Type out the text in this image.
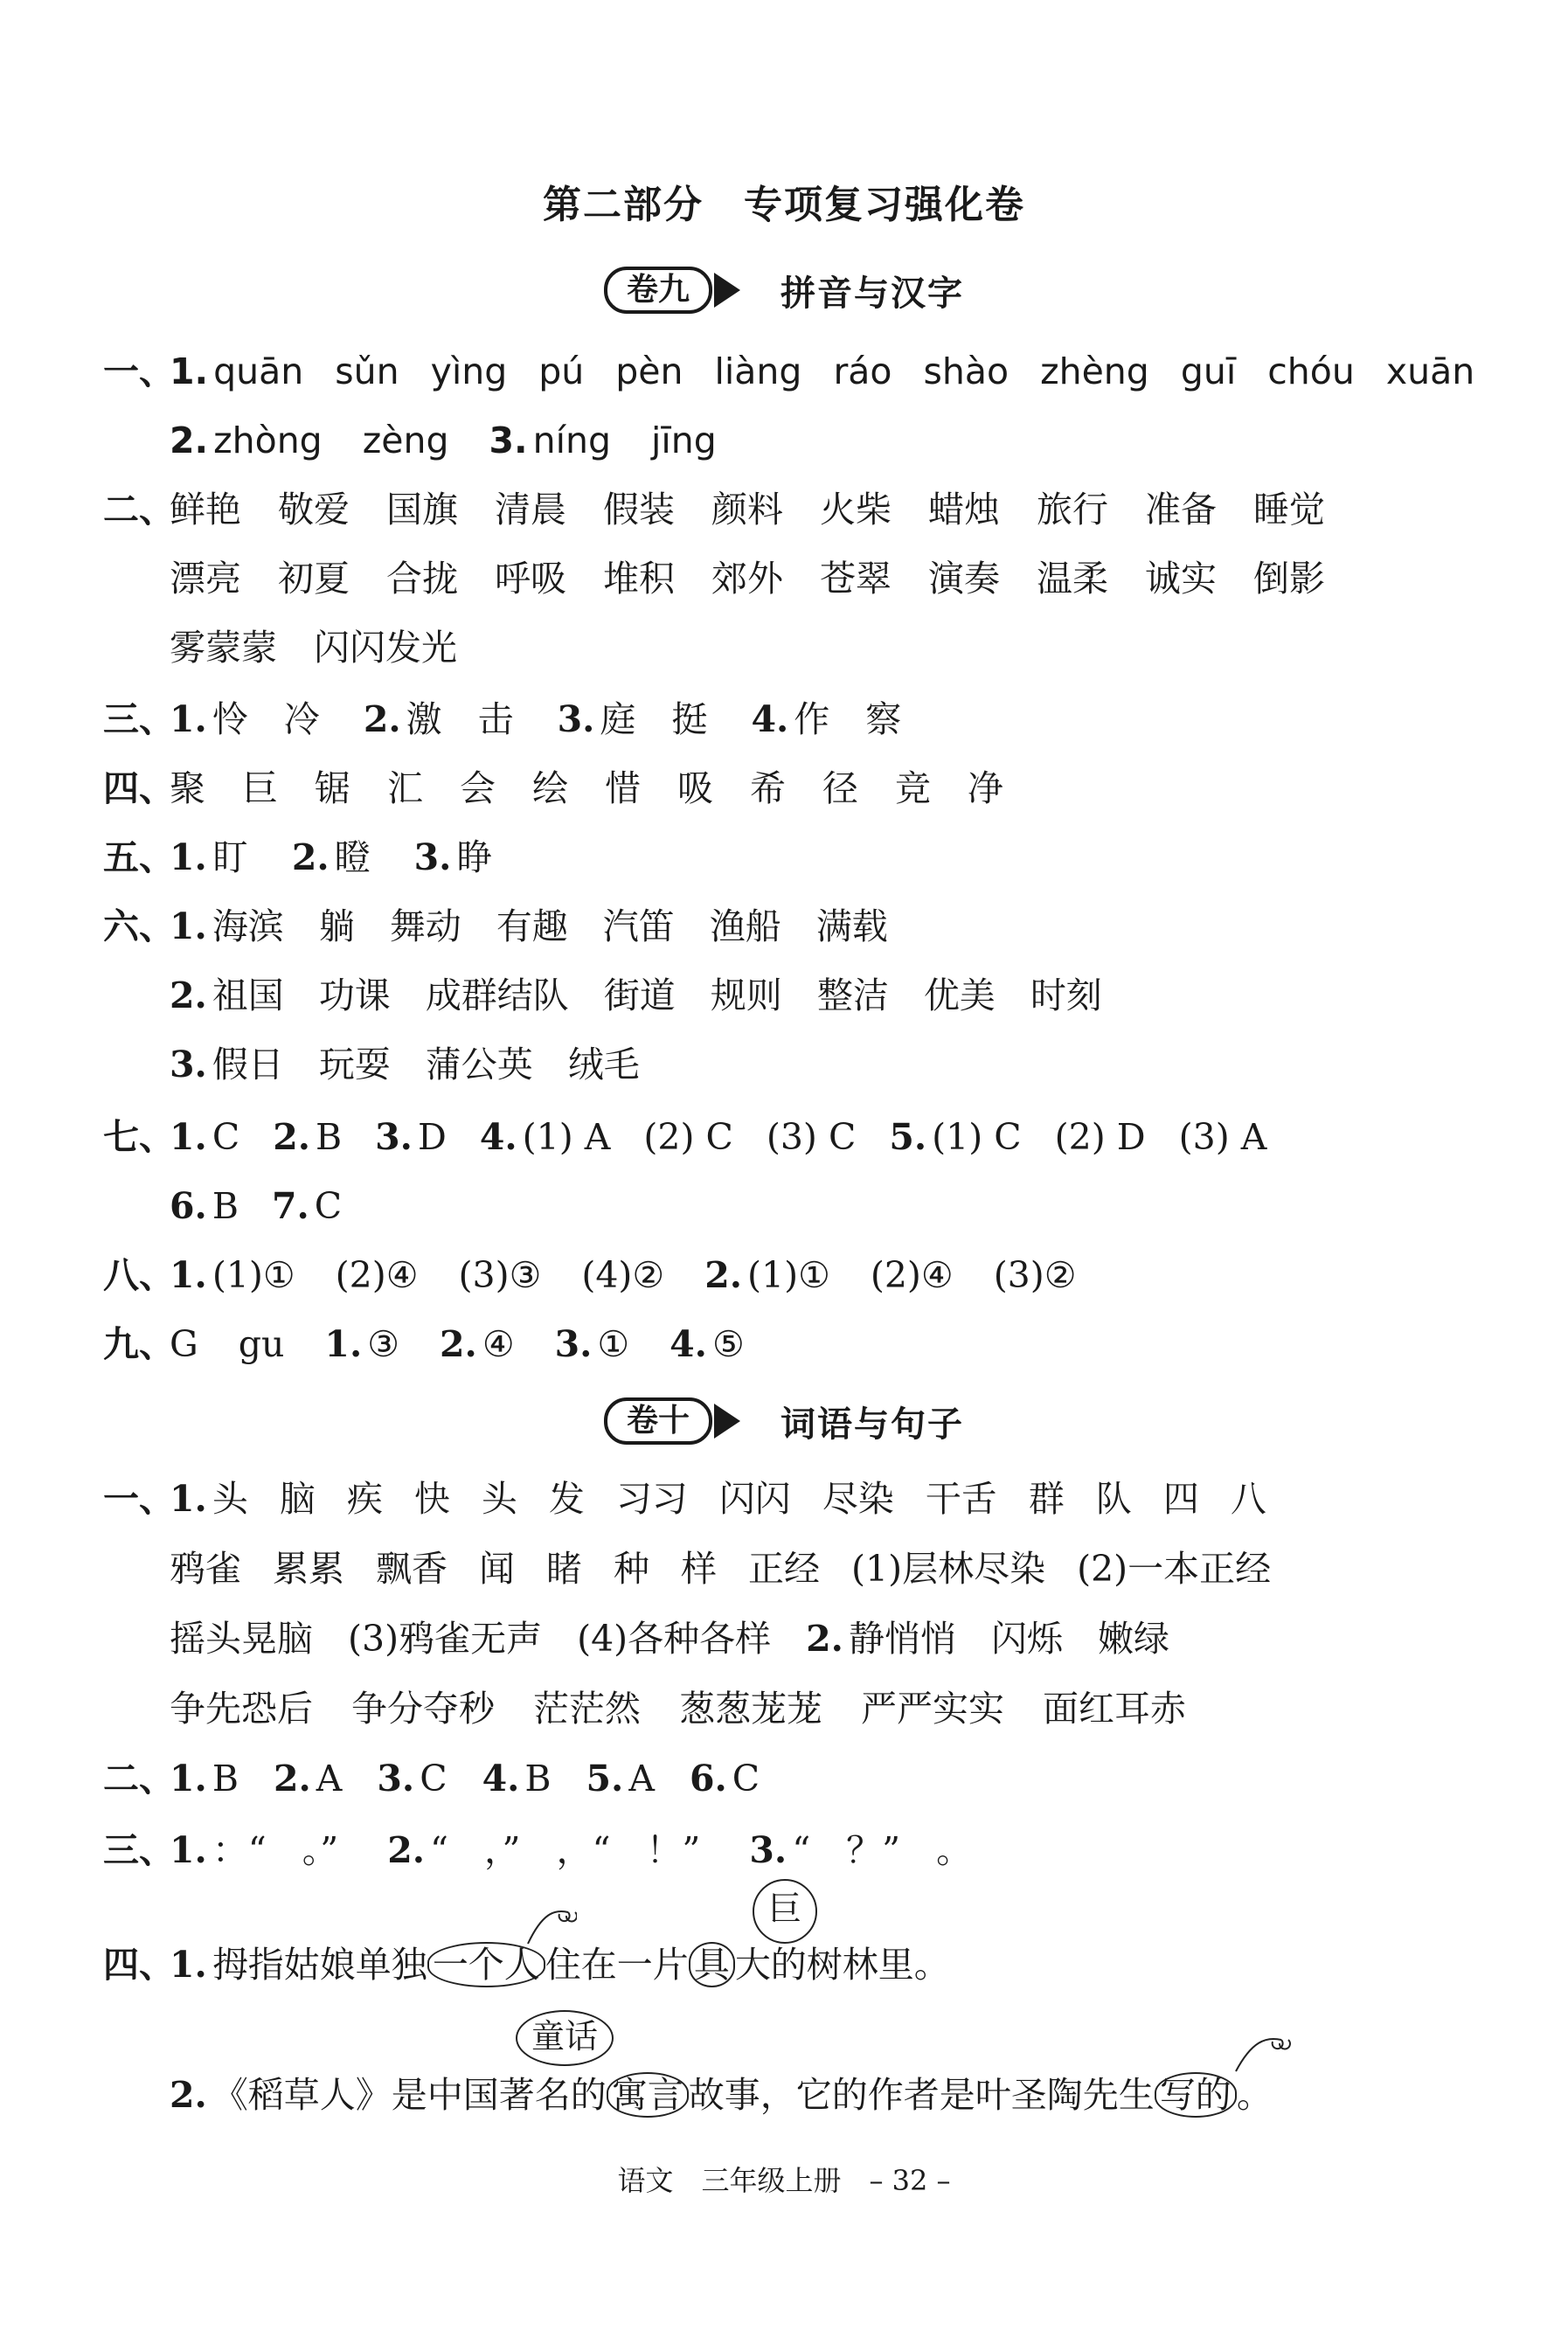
第二部分　专项复习强化卷
卷九	拼音与汉字
一、
1. quān sǔn yìng pú pèn liàng ráo shào zhèng guī chóu xuān
2. zhòng zèng 3. níng jīng
二、
鲜艳 敬爱 国旗 清晨 假装 颜料 火柴 蜡烛 旅行 准备 睡觉
漂亮 初夏 合拢 呼吸 堆积 郊外 苍翠 演奏 温柔 诚实 倒影
雾蒙蒙 闪闪发光
三、
1. 怜　冷 2. 激　击 3. 庭　挺 4. 作　察
四、
聚 巨 锯 汇 会 绘 惜 吸 希 径 竞 净
五、
1. 盯 2. 瞪 3. 睁
六、
1. 海滨 躺 舞动 有趣 汽笛 渔船 满载
2. 祖国 功课 成群结队 街道 规则 整洁 优美 时刻
3. 假日 玩耍 蒲公英 绒毛
七、
1. C 2. B 3. D 4. (1) A (2) C (3) C 5. (1) C (2) D (3) A
6. B 7. C
八、
1. (1)① (2)④ (3)③ (4)② 2. (1)① (2)④ (3)②
九、
G gu 1. ③ 2. ④ 3. ① 4. ⑤
卷十	词语与句子
一、
1. 头 脑 疾 快 头 发 习习 闪闪 尽染 干舌 群 队 四 八
鸦雀 累累 飘香 闻 睹 种 样 正经 (1)层林尽染 (2)一本正经
摇头晃脑 (3)鸦雀无声 (4)各种各样 2. 静悄悄 闪烁 嫩绿
争先恐后 争分夺秒 茫茫然 葱葱茏茏 严严实实 面红耳赤
二、
1. B 2. A 3. C 4. B 5. A 6. C
三、
1. ：“　。” 2. “　，”　，“　！” 3. “　？”　。
巨
四、
1. 拇指姑娘单独 一个人 住在一片 具 大的树林里。
童话
2. 《稻草人》是中国著名的 寓言 故事，它的作者是叶圣陶先生 写的 。
语文　三年级上册　– 32 –
